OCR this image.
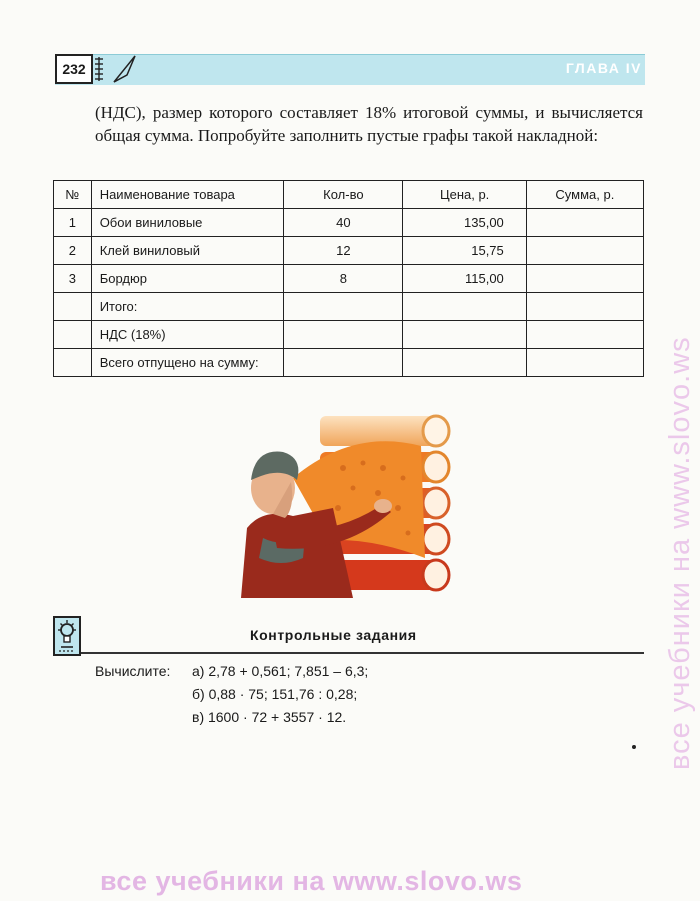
232	ГЛАВА IV
(НДС), размер которого составляет 18% итоговой суммы, и вычисляется общая сумма. Попробуйте заполнить пустые графы такой накладной:
№	Наименование товара	Кол-во	Цена, р.	Сумма, р.
1	Обои виниловые	40	135,00	
2	Клей виниловый	12	15,75	
3	Бордюр	8	115,00	
	Итого:			
	НДС (18%)			
	Всего отпущено на сумму:			
Контрольные задания
Вычислите: а) 2,78 + 0,561; 7,851 – 6,3;
б) 0,88 · 75; 151,76 : 0,28;
в) 1600 · 72 + 3557 · 12.	все учебники на www.slovo.ws
все учебники на www.slovo.ws
